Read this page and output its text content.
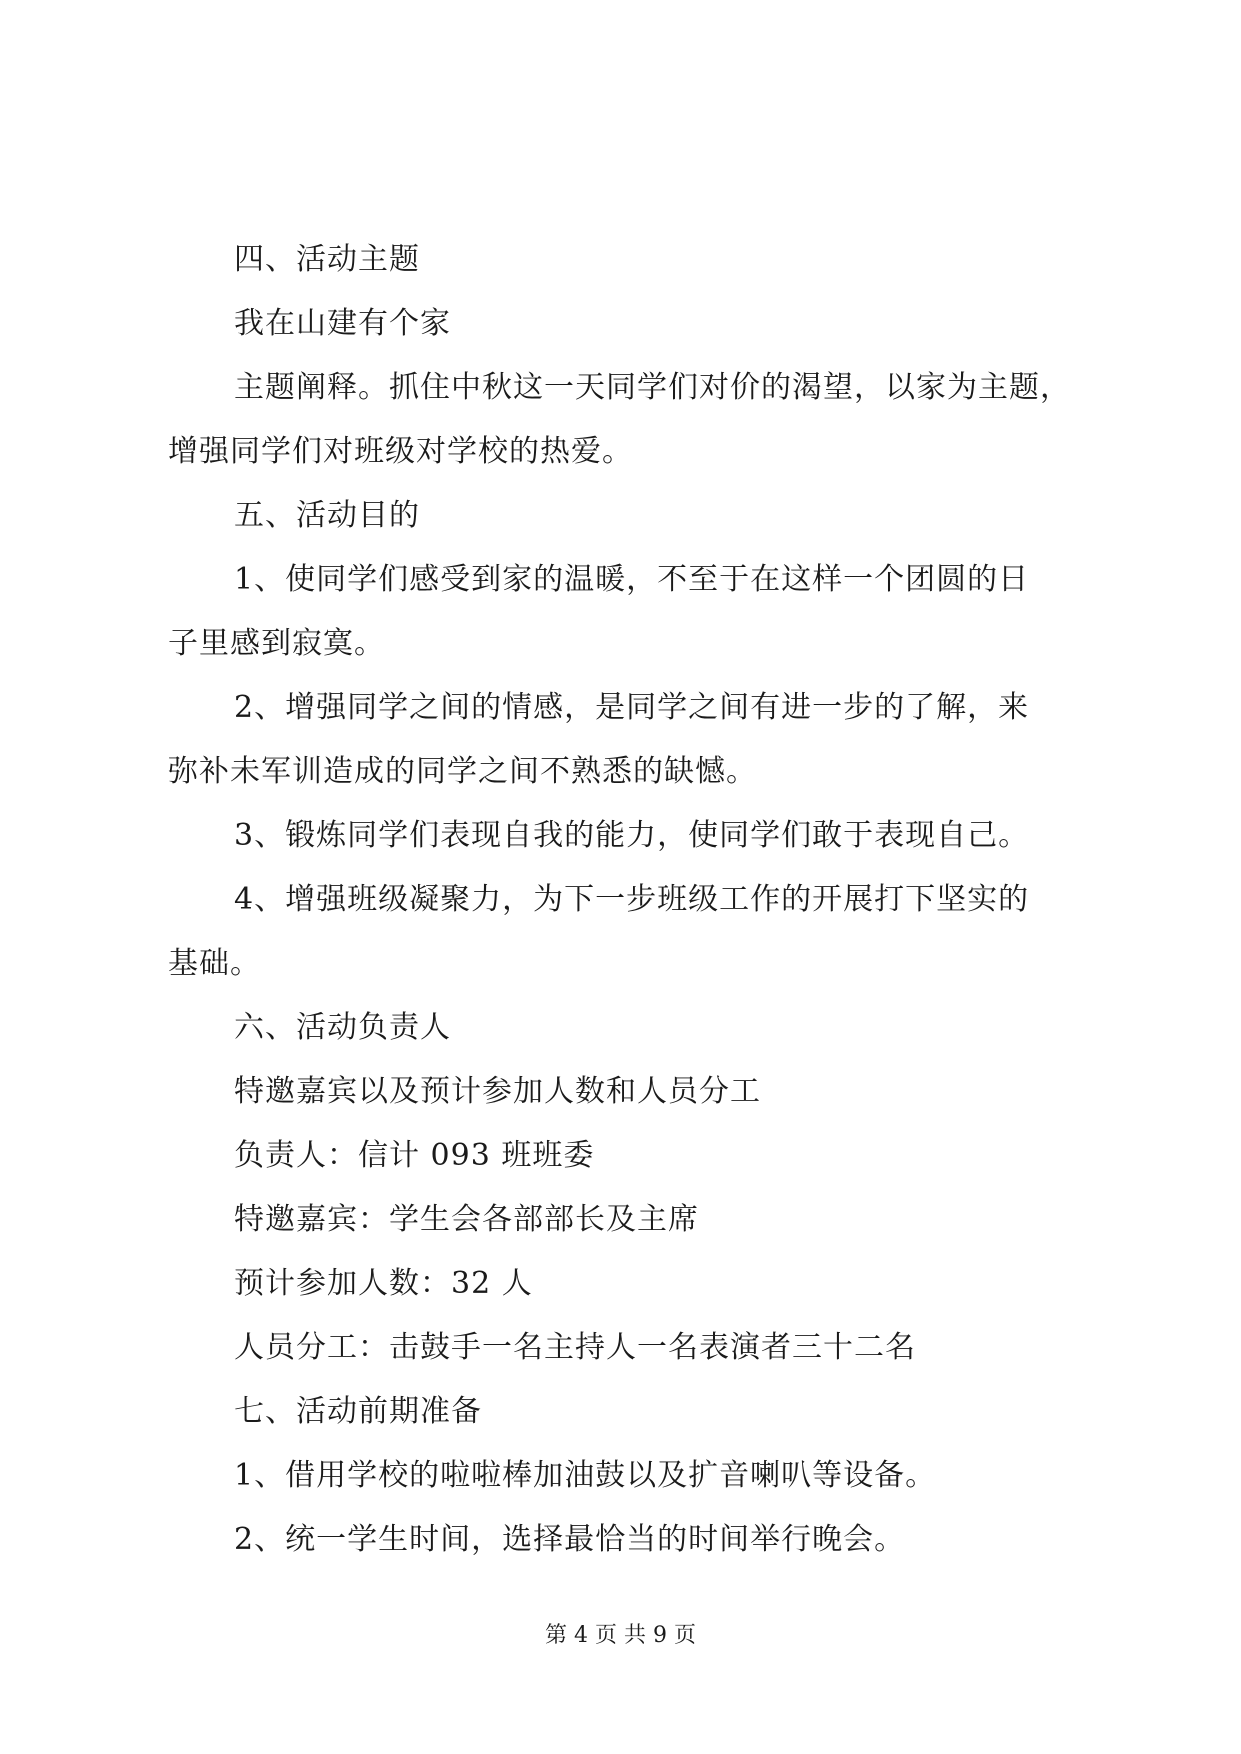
四、活动主题
我在山建有个家
主题阐释。抓住中秋这一天同学们对价的渴望，以家为主题，
增强同学们对班级对学校的热爱。
五、活动目的
1、使同学们感受到家的温暖，不至于在这样一个团圆的日
子里感到寂寞。
2、增强同学之间的情感，是同学之间有进一步的了解，来
弥补未军训造成的同学之间不熟悉的缺憾。
3、锻炼同学们表现自我的能力，使同学们敢于表现自己。
4、增强班级凝聚力，为下一步班级工作的开展打下坚实的
基础。
六、活动负责人
特邀嘉宾以及预计参加人数和人员分工
负责人：信计 093 班班委
特邀嘉宾：学生会各部部长及主席
预计参加人数：32 人
人员分工：击鼓手一名主持人一名表演者三十二名
七、活动前期准备
1、借用学校的啦啦棒加油鼓以及扩音喇叭等设备。
2、统一学生时间，选择最恰当的时间举行晚会。
第 4 页 共 9 页
